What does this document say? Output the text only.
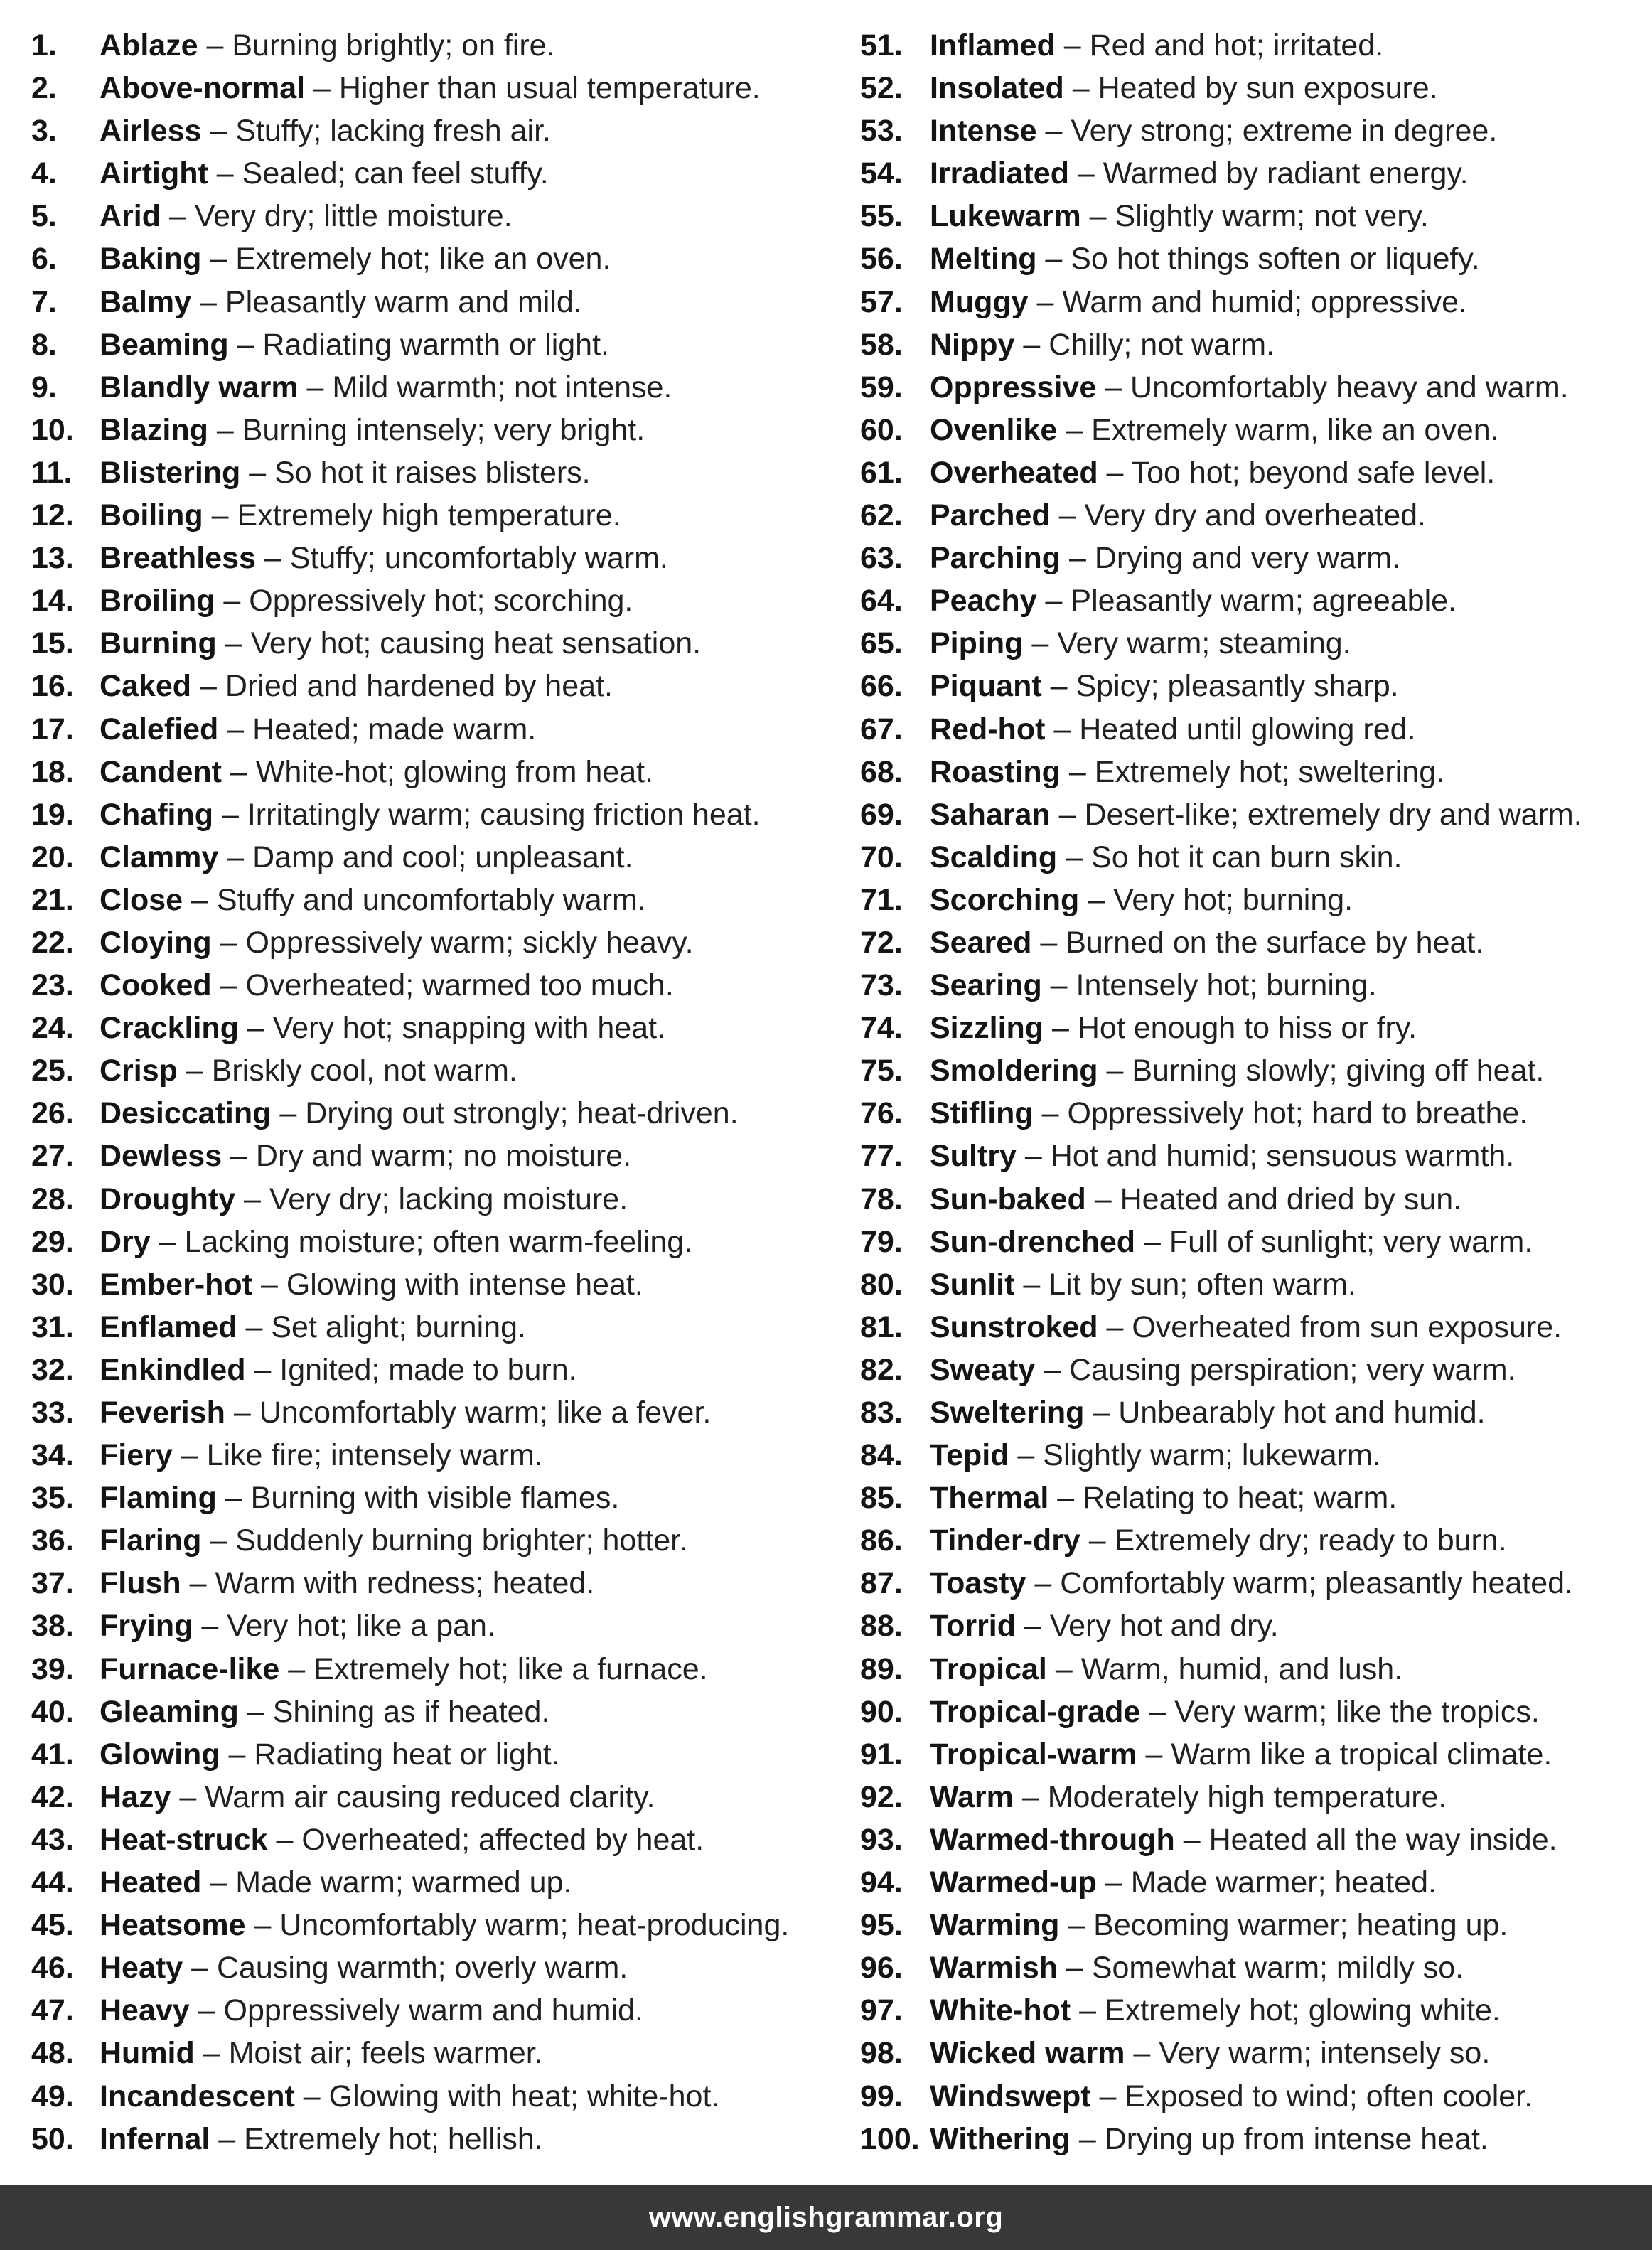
1.	Ablaze – Burning brightly; on fire.
2.	Above-normal – Higher than usual temperature.
3.	Airless – Stuffy; lacking fresh air.
4.	Airtight – Sealed; can feel stuffy.
5.	Arid – Very dry; little moisture.
6.	Baking – Extremely hot; like an oven.
7.	Balmy – Pleasantly warm and mild.
8.	Beaming – Radiating warmth or light.
9.	Blandly warm – Mild warmth; not intense.
10. Blazing – Burning intensely; very bright.
11. Blistering – So hot it raises blisters.
12. Boiling – Extremely high temperature.
13. Breathless – Stuffy; uncomfortably warm.
14. Broiling – Oppressively hot; scorching.
15. Burning – Very hot; causing heat sensation.
16. Caked – Dried and hardened by heat.
17. Calefied – Heated; made warm.
18. Candent – White-hot; glowing from heat.
19. Chafing – Irritatingly warm; causing friction heat.
20. Clammy – Damp and cool; unpleasant.
21. Close – Stuffy and uncomfortably warm.
22. Cloying – Oppressively warm; sickly heavy.
23. Cooked – Overheated; warmed too much.
24. Crackling – Very hot; snapping with heat.
25. Crisp – Briskly cool, not warm.
26. Desiccating – Drying out strongly; heat-driven.
27. Dewless – Dry and warm; no moisture.
28. Droughty – Very dry; lacking moisture.
29. Dry – Lacking moisture; often warm-feeling.
30. Ember-hot – Glowing with intense heat.
31. Enflamed – Set alight; burning.
32. Enkindled – Ignited; made to burn.
33. Feverish – Uncomfortably warm; like a fever.
34. Fiery – Like fire; intensely warm.
35. Flaming – Burning with visible flames.
36. Flaring – Suddenly burning brighter; hotter.
37. Flush – Warm with redness; heated.
38. Frying – Very hot; like a pan.
39. Furnace-like – Extremely hot; like a furnace.
40. Gleaming – Shining as if heated.
41. Glowing – Radiating heat or light.
42. Hazy – Warm air causing reduced clarity.
43. Heat-struck – Overheated; affected by heat.
44. Heated – Made warm; warmed up.
45. Heatsome – Uncomfortably warm; heat-producing.
46. Heaty – Causing warmth; overly warm.
47. Heavy – Oppressively warm and humid.
48. Humid – Moist air; feels warmer.
49. Incandescent – Glowing with heat; white-hot.
50. Infernal – Extremely hot; hellish.
51. Inflamed – Red and hot; irritated.
52. Insolated – Heated by sun exposure.
53. Intense – Very strong; extreme in degree.
54. Irradiated – Warmed by radiant energy.
55. Lukewarm – Slightly warm; not very.
56. Melting – So hot things soften or liquefy.
57. Muggy – Warm and humid; oppressive.
58. Nippy – Chilly; not warm.
59. Oppressive – Uncomfortably heavy and warm.
60. Ovenlike – Extremely warm, like an oven.
61. Overheated – Too hot; beyond safe level.
62. Parched – Very dry and overheated.
63. Parching – Drying and very warm.
64. Peachy – Pleasantly warm; agreeable.
65. Piping – Very warm; steaming.
66. Piquant – Spicy; pleasantly sharp.
67. Red-hot – Heated until glowing red.
68. Roasting – Extremely hot; sweltering.
69. Saharan – Desert-like; extremely dry and warm.
70. Scalding – So hot it can burn skin.
71. Scorching – Very hot; burning.
72. Seared – Burned on the surface by heat.
73. Searing – Intensely hot; burning.
74. Sizzling – Hot enough to hiss or fry.
75. Smoldering – Burning slowly; giving off heat.
76. Stifling – Oppressively hot; hard to breathe.
77. Sultry – Hot and humid; sensuous warmth.
78. Sun-baked – Heated and dried by sun.
79. Sun-drenched – Full of sunlight; very warm.
80. Sunlit – Lit by sun; often warm.
81. Sunstroked – Overheated from sun exposure.
82. Sweaty – Causing perspiration; very warm.
83. Sweltering – Unbearably hot and humid.
84. Tepid – Slightly warm; lukewarm.
85. Thermal – Relating to heat; warm.
86. Tinder-dry – Extremely dry; ready to burn.
87. Toasty – Comfortably warm; pleasantly heated.
88. Torrid – Very hot and dry.
89. Tropical – Warm, humid, and lush.
90. Tropical-grade – Very warm; like the tropics.
91. Tropical-warm – Warm like a tropical climate.
92. Warm – Moderately high temperature.
93. Warmed-through – Heated all the way inside.
94. Warmed-up – Made warmer; heated.
95. Warming – Becoming warmer; heating up.
96. Warmish – Somewhat warm; mildly so.
97. White-hot – Extremely hot; glowing white.
98. Wicked warm – Very warm; intensely so.
99. Windswept – Exposed to wind; often cooler.
100. Withering – Drying up from intense heat.
www.englishgrammar.org
